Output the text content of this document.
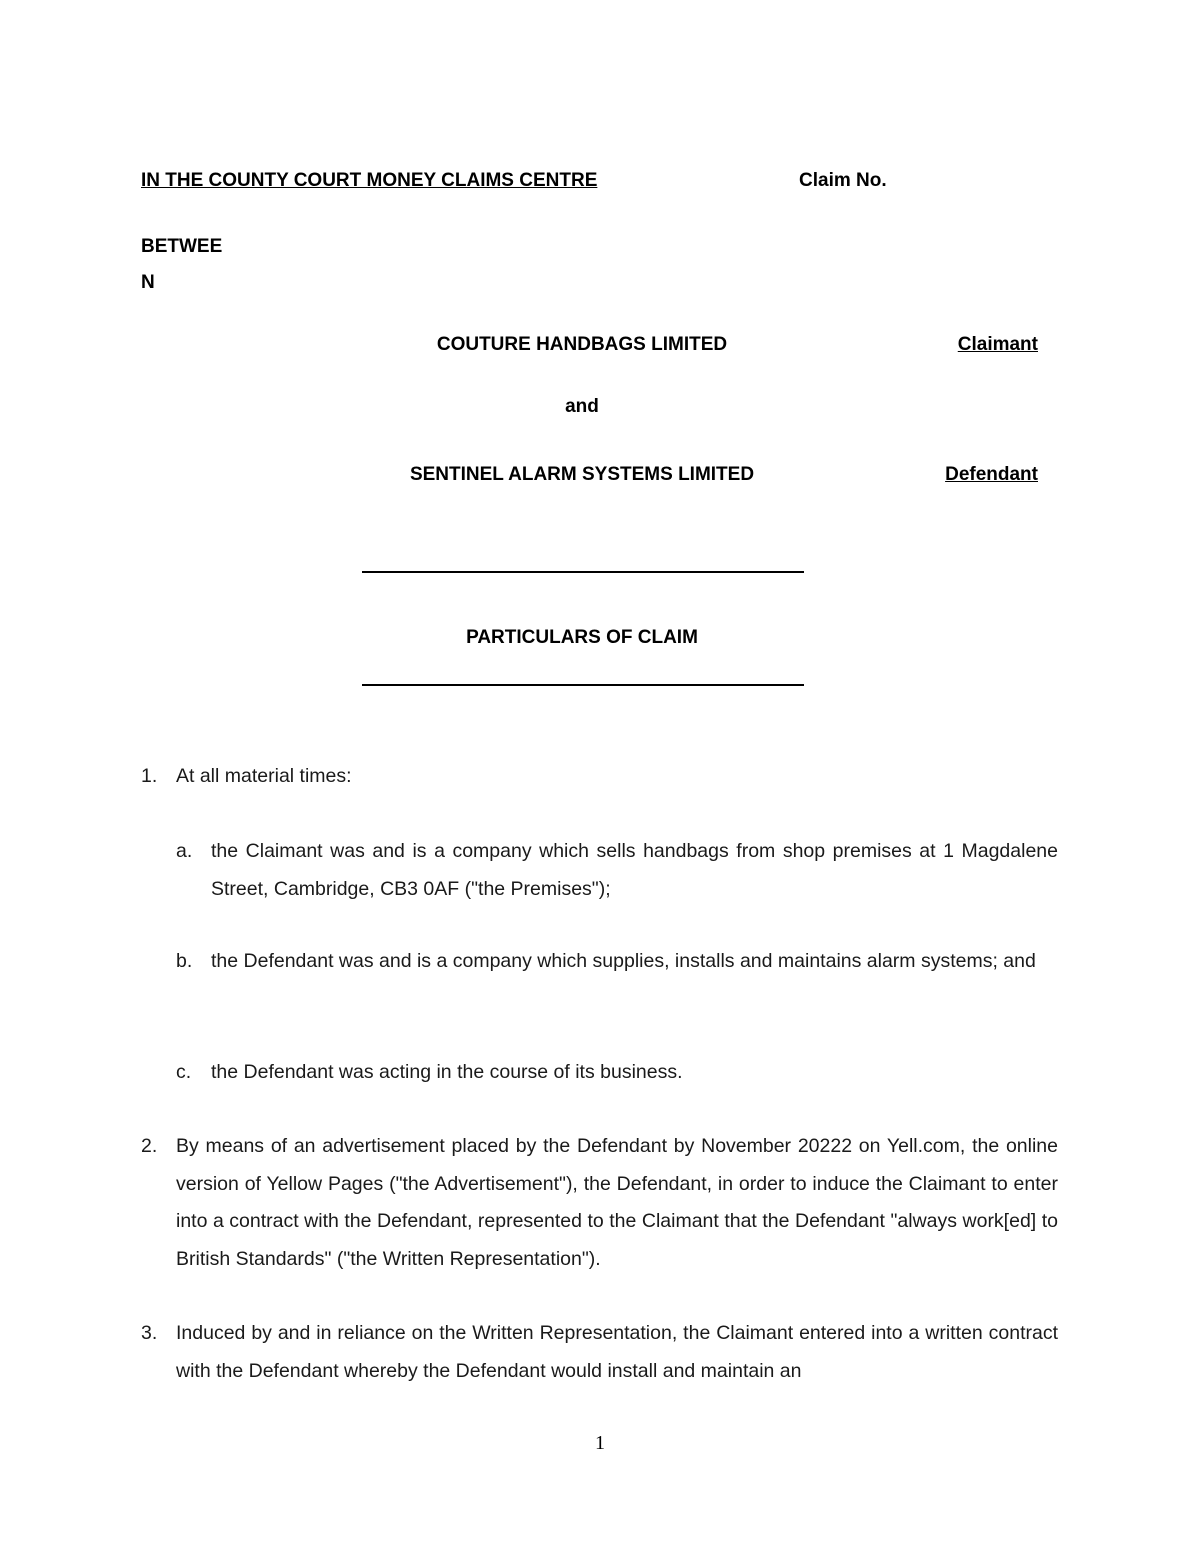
IN THE COUNTY COURT MONEY CLAIMS CENTRE	Claim No.
BETWEE
N
COUTURE HANDBAGS LIMITED	Claimant
and
SENTINEL ALARM SYSTEMS LIMITED	Defendant
PARTICULARS OF CLAIM
1. At all material times:
a. the Claimant was and is a company which sells handbags from shop premises at 1 Magdalene Street, Cambridge, CB3 0AF ("the Premises");
b. the Defendant was and is a company which supplies, installs and maintains alarm systems; and
c. the Defendant was acting in the course of its business.
2. By means of an advertisement placed by the Defendant by November 20222 on Yell.com, the online version of Yellow Pages ("the Advertisement"), the Defendant, in order to induce the Claimant to enter into a contract with the Defendant, represented to the Claimant that the Defendant "always work[ed] to British Standards" ("the Written Representation").
3. Induced by and in reliance on the Written Representation, the Claimant entered into a written contract with the Defendant whereby the Defendant would install and maintain an
1
